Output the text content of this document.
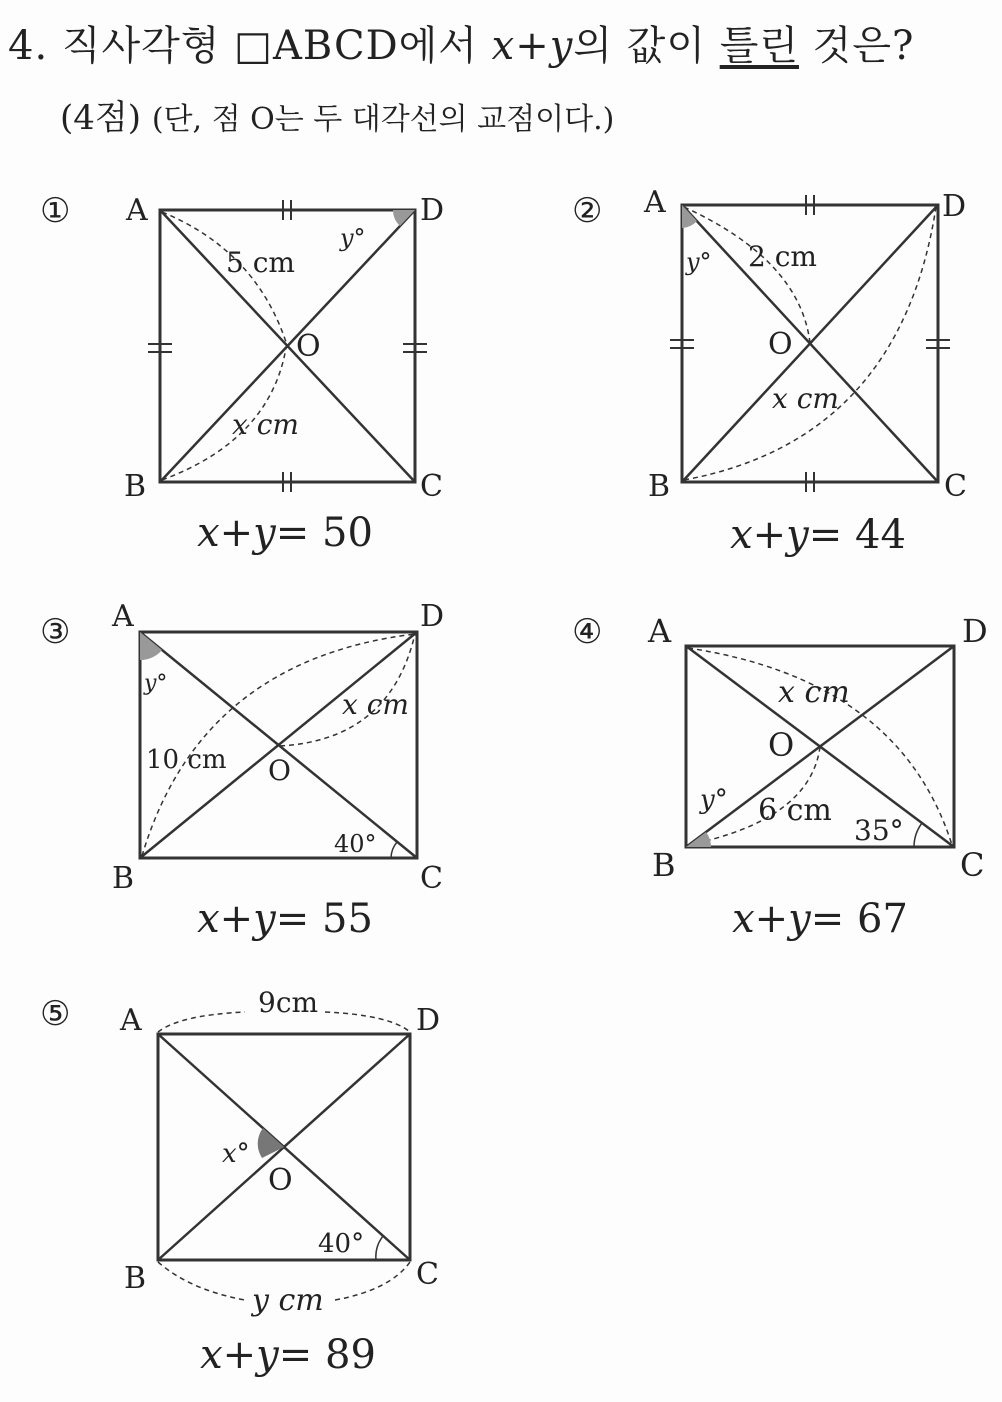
4. 직사각형 □ABCD에서 x+y의 값이 틀린 것은?
(4점) (단, 점 O는 두 대각선의 교점이다.)
① A
B	C
D
O
5 cm
x cm
y°
② A
B	C
D
O
2 cm
x cm
y°
③ A
B	C
D
O
10 cm
x cm
y°
40°
④ A
B	C
D
O
x cm
6 cm
y°
35°
⑤ A
B	C
D
O
9cm
y cm
x°
40°
x+y= 50	x+y= 44
x+y= 55	x+y= 67
x+y= 89
